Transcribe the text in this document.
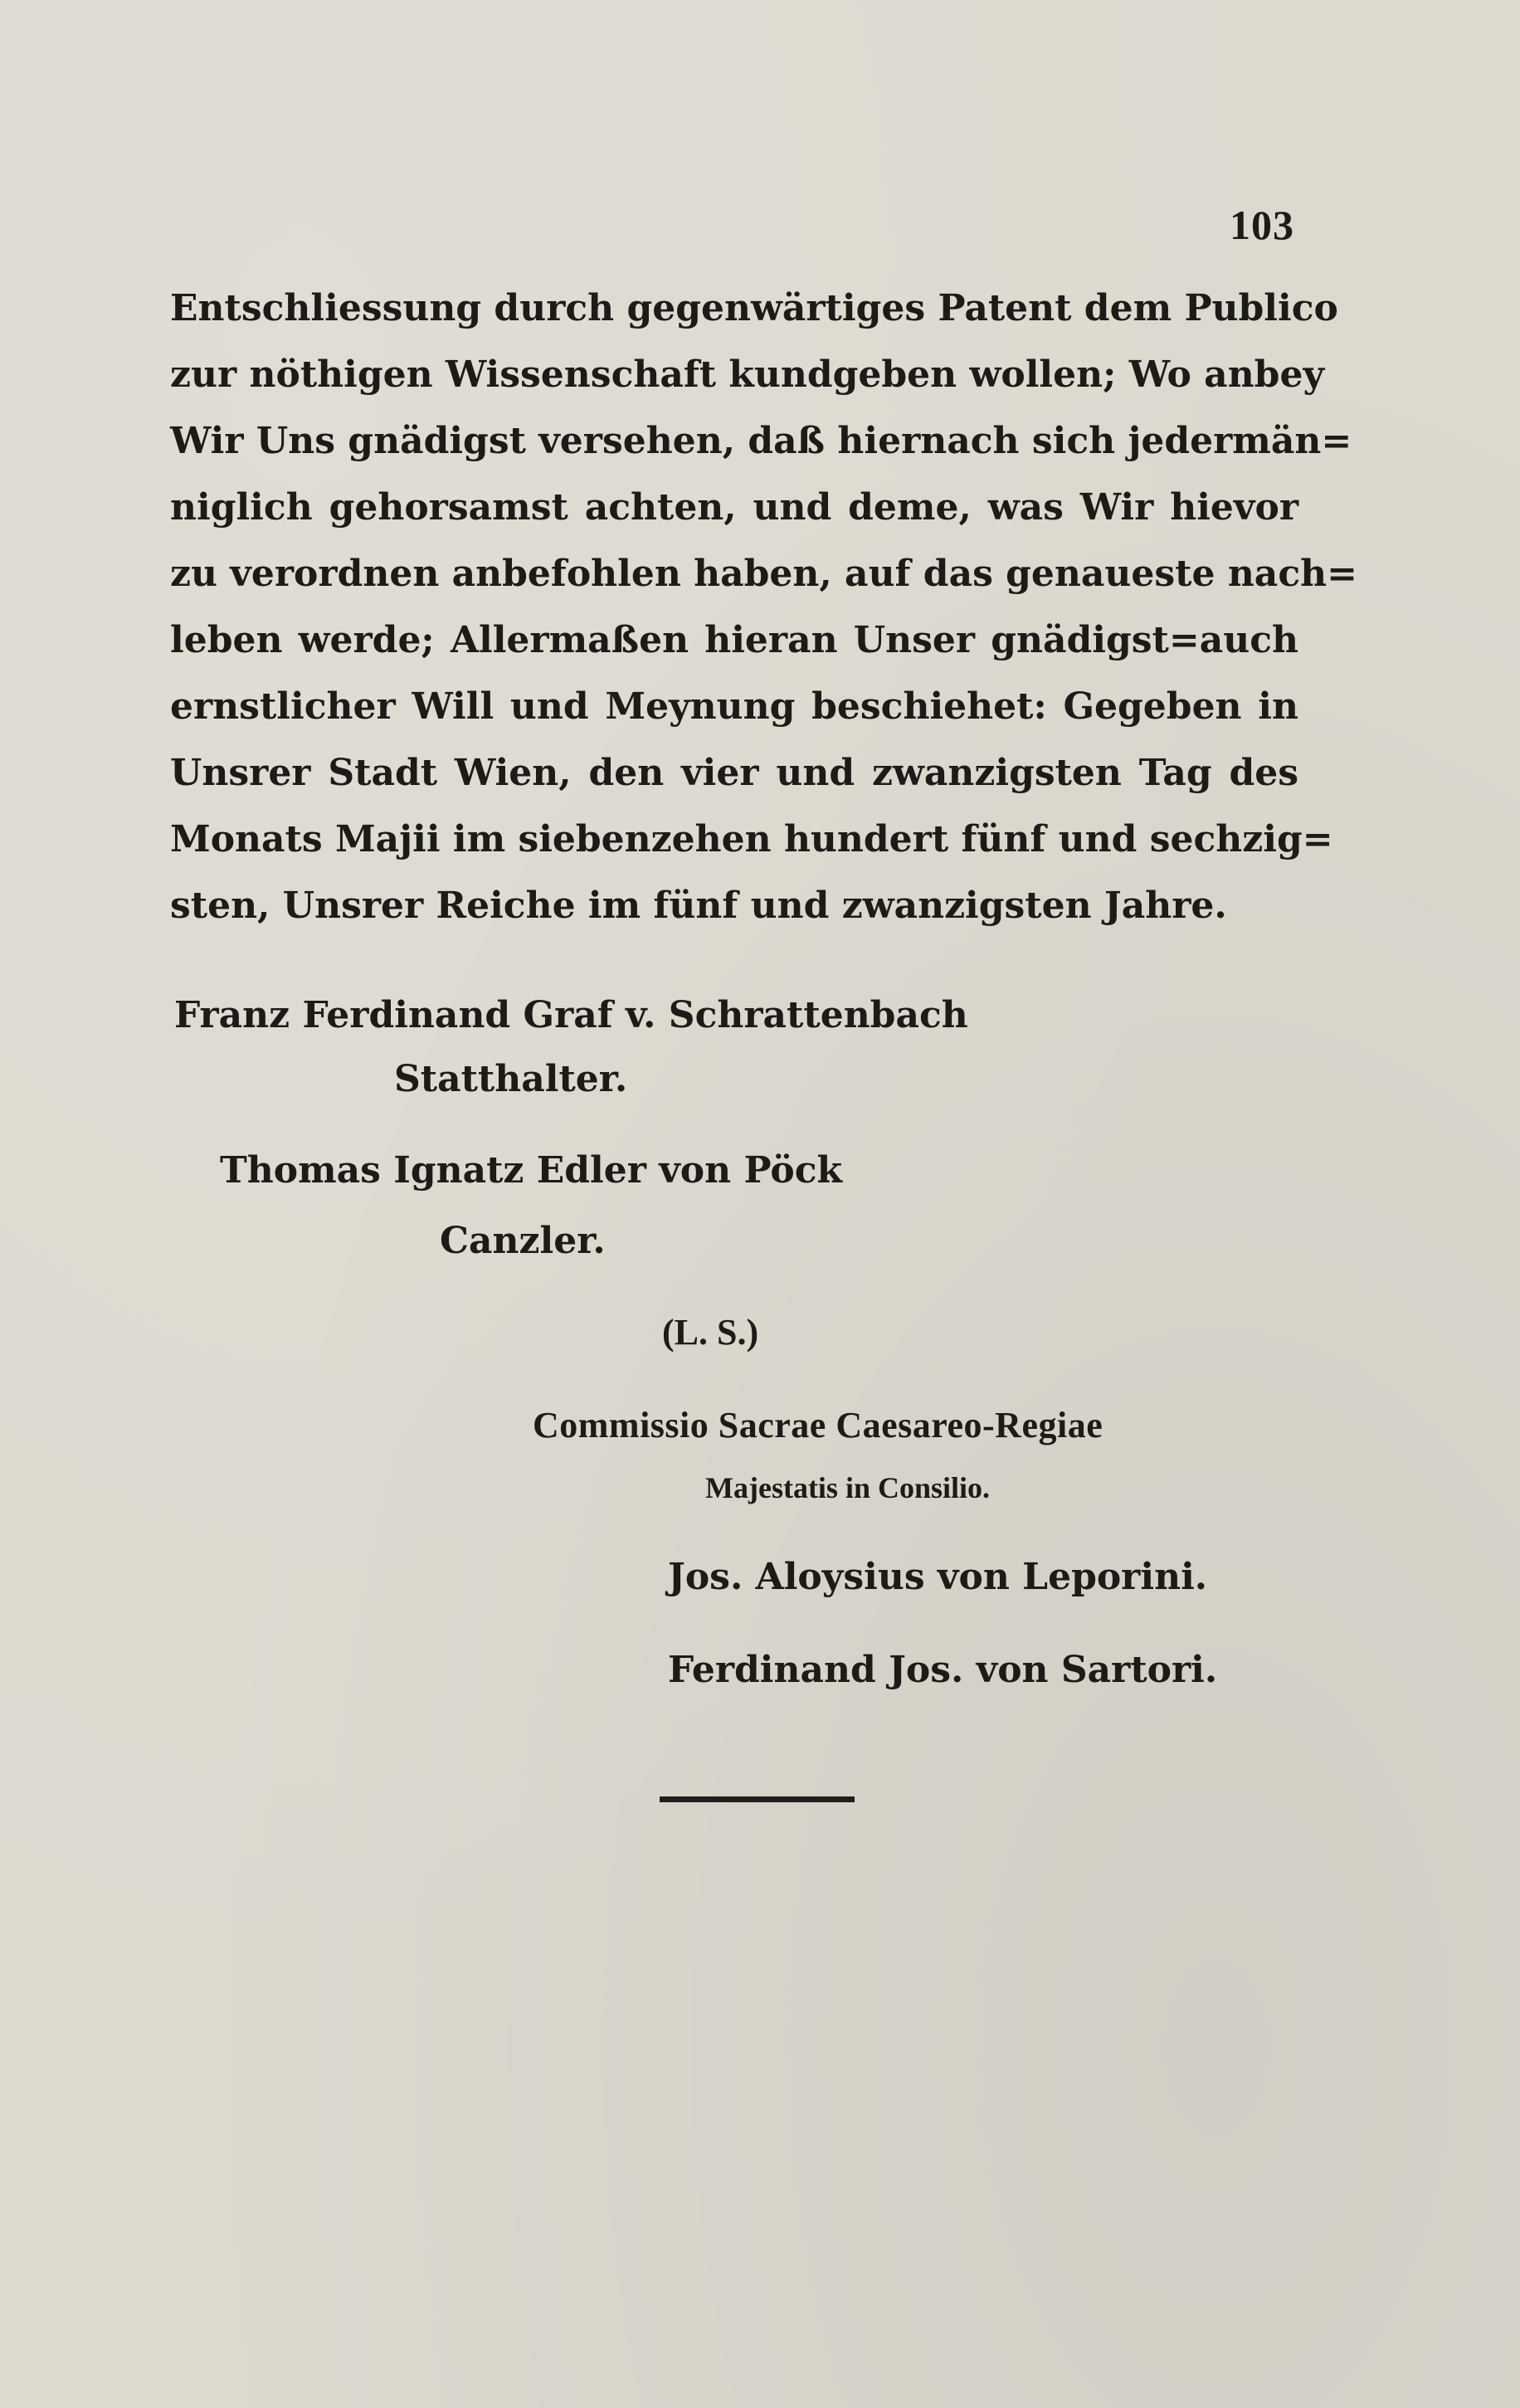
103
Entschliessung durch gegenwärtiges Patent dem Publico
zur nöthigen Wissenschaft kundgeben wollen; Wo anbey
Wir Uns gnädigst versehen, daß hiernach sich jedermän=
niglich gehorsamst achten, und deme, was Wir hievor
zu verordnen anbefohlen haben, auf das genaueste nach=
leben werde; Allermaßen hieran Unser gnädigst=auch
ernstlicher Will und Meynung beschiehet: Gegeben in
Unsrer Stadt Wien, den vier und zwanzigsten Tag des
Monats Majii im siebenzehen hundert fünf und sechzig=
sten, Unsrer Reiche im fünf und zwanzigsten Jahre.
Franz Ferdinand Graf v. Schrattenbach
Statthalter.
Thomas Ignatz Edler von Pöck
Canzler.
(L. S.)
Commissio Sacrae Caesareo-Regiae
Majestatis in Consilio.
Jos. Aloysius von Leporini.
Ferdinand Jos. von Sartori.
